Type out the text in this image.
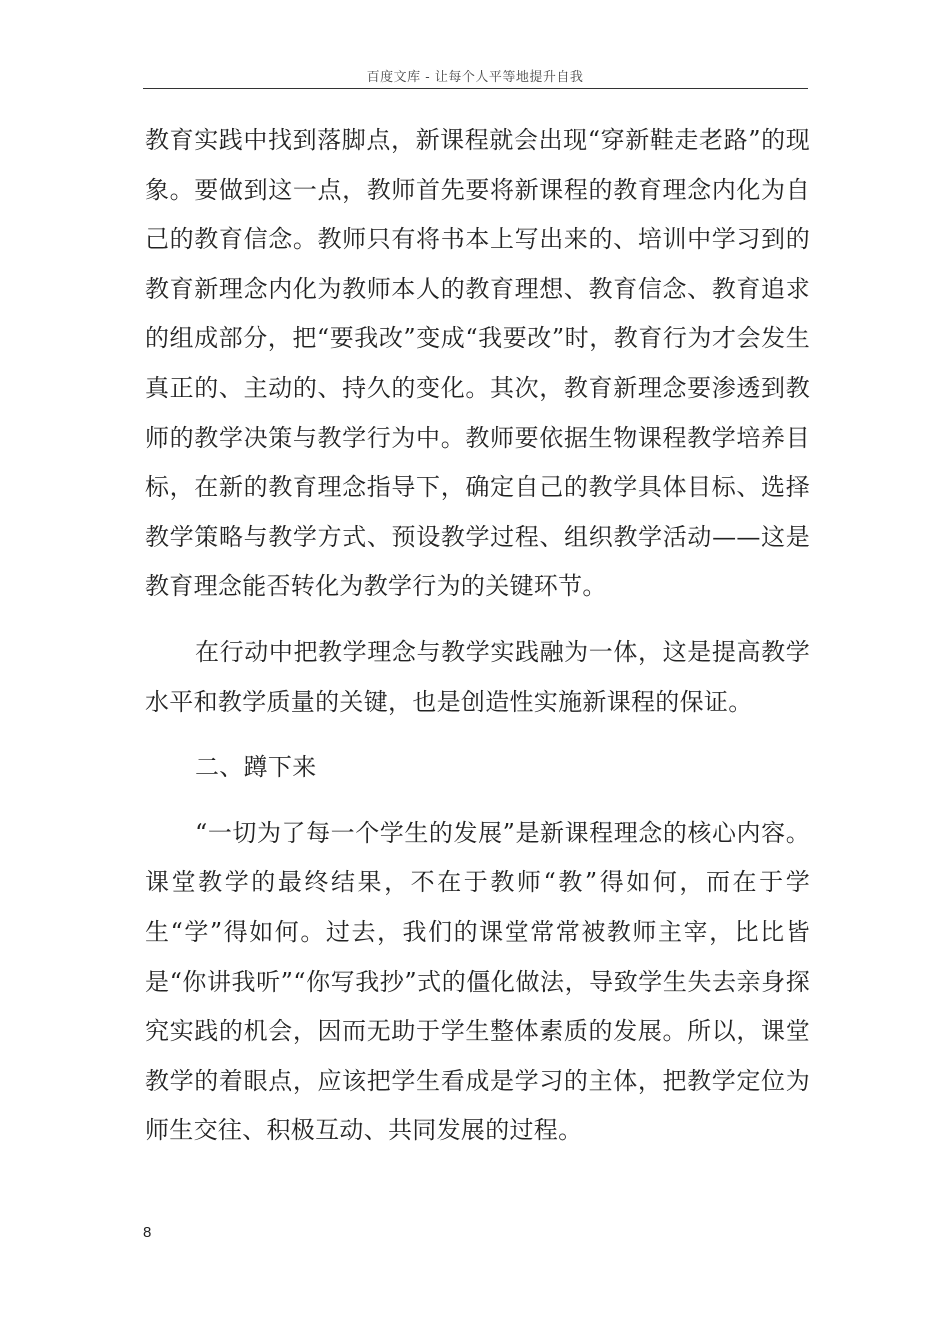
百度文库 - 让每个人平等地提升自我

教育实践中找到落脚点，新课程就会出现“穿新鞋走老路”的现象。要做到这一点，教师首先要将新课程的教育理念内化为自己的教育信念。教师只有将书本上写出来的、培训中学习到的教育新理念内化为教师本人的教育理想、教育信念、教育追求的组成部分，把“要我改”变成“我要改”时，教育行为才会发生真正的、主动的、持久的变化。其次，教育新理念要渗透到教师的教学决策与教学行为中。教师要依据生物课程教学培养目标，在新的教育理念指导下，确定自己的教学具体目标、选择教学策略与教学方式、预设教学过程、组织教学活动——这是教育理念能否转化为教学行为的关键环节。

在行动中把教学理念与教学实践融为一体，这是提高教学水平和教学质量的关键，也是创造性实施新课程的保证。

二、蹲下来

“一切为了每一个学生的发展”是新课程理念的核心内容。课堂教学的最终结果，不在于教师“教”得如何，而在于学生“学”得如何。过去，我们的课堂常常被教师主宰，比比皆是“你讲我听”“你写我抄”式的僵化做法，导致学生失去亲身探究实践的机会，因而无助于学生整体素质的发展。所以，课堂教学的着眼点，应该把学生看成是学习的主体，把教学定位为师生交往、积极互动、共同发展的过程。

8
